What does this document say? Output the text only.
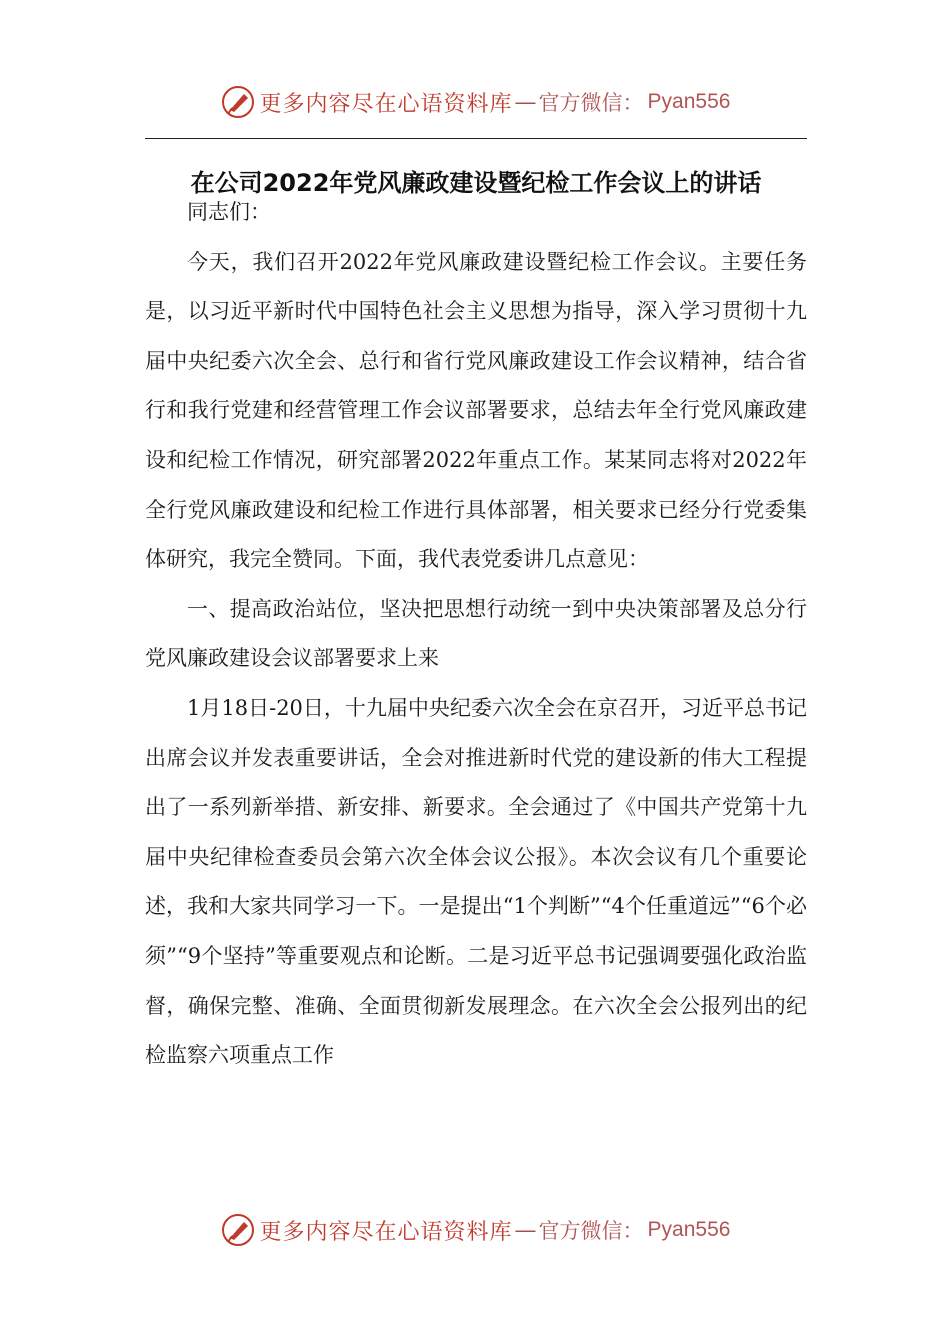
更多内容尽在心语资料库 — 官方微信： Pyan556
在公司2022年党风廉政建设暨纪检工作会议上的讲话

同志们：

今天，我们召开2022年党风廉政建设暨纪检工作会议。主要任务是，以习近平新时代中国特色社会主义思想为指导，深入学习贯彻十九届中央纪委六次全会、总行和省行党风廉政建设工作会议精神，结合省行和我行党建和经营管理工作会议部署要求，总结去年全行党风廉政建设和纪检工作情况，研究部署2022年重点工作。某某同志将对2022年全行党风廉政建设和纪检工作进行具体部署，相关要求已经分行党委集体研究，我完全赞同。下面，我代表党委讲几点意见：

一、提高政治站位，坚决把思想行动统一到中央决策部署及总分行党风廉政建设会议部署要求上来

1月18日-20日，十九届中央纪委六次全会在京召开，习近平总书记出席会议并发表重要讲话，全会对推进新时代党的建设新的伟大工程提出了一系列新举措、新安排、新要求。全会通过了《中国共产党第十九届中央纪律检查委员会第六次全体会议公报》。本次会议有几个重要论述，我和大家共同学习一下。一是提出“1个判断”“4个任重道远”“6个必须”“9个坚持”等重要观点和论断。二是习近平总书记强调要强化政治监督，确保完整、准确、全面贯彻新发展理念。在六次全会公报列出的纪检监察六项重点工作

更多内容尽在心语资料库 — 官方微信： Pyan556
